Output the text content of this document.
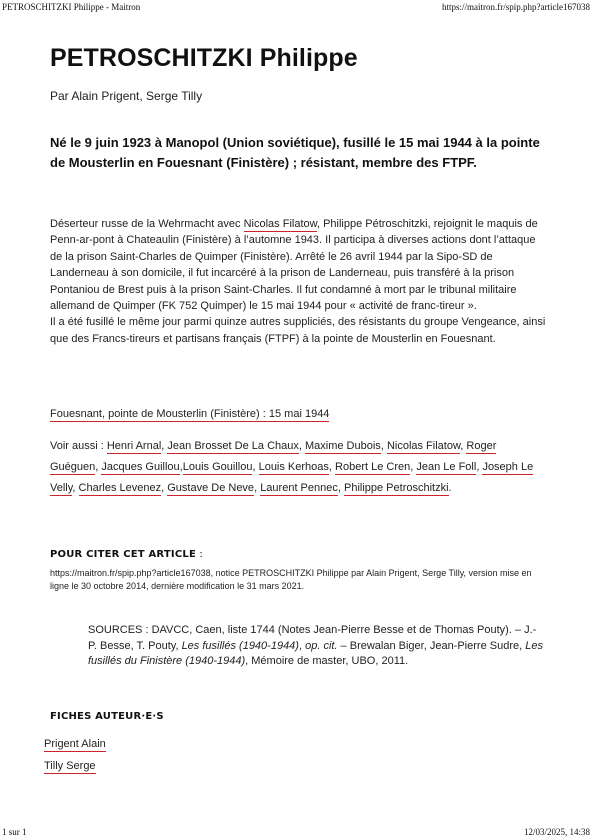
PETROSCHITZKI Philippe - Maitron	https://maitron.fr/spip.php?article167038
PETROSCHITZKI Philippe
Par Alain Prigent, Serge Tilly

Né le 9 juin 1923 à Manopol (Union soviétique), fusillé le 15 mai 1944 à la pointe de Mousterlin en Fouesnant (Finistère) ; résistant, membre des FTPF.

Déserteur russe de la Wehrmacht avec Nicolas Filatow, Philippe Pétroschitzki, rejoignit le maquis de Penn-ar-pont à Chateaulin (Finistère) à l’automne 1943. Il participa à diverses actions dont l’attaque de la prison Saint-Charles de Quimper (Finistère). Arrêté le 26 avril 1944 par la Sipo-SD de Landerneau à son domicile, il fut incarcéré à la prison de Landerneau, puis transféré à la prison Pontaniou de Brest puis à la prison Saint-Charles. Il fut condamné à mort par le tribunal militaire allemand de Quimper (FK 752 Quimper) le 15 mai 1944 pour « activité de franc-tireur ».

Il a été fusillé le même jour parmi quinze autres suppliciés, des résistants du groupe Vengeance, ainsi que des Francs-tireurs et partisans français (FTPF) à la pointe de Mousterlin en Fouesnant.

Fouesnant, pointe de Mousterlin (Finistère) : 15 mai 1944
Voir aussi : Henri Arnal, Jean Brosset De La Chaux, Maxime Dubois, Nicolas Filatow, Roger Guéguen, Jacques Guillou,Louis Gouillou, Louis Kerhoas, Robert Le Cren, Jean Le Foll, Joseph Le Velly, Charles Levenez, Gustave De Neve, Laurent Pennec, Philippe Petroschitzki.
POUR CITER CET ARTICLE :
https://maitron.fr/spip.php?article167038, notice PETROSCHITZKI Philippe par Alain Prigent, Serge Tilly, version mise en ligne le 30 octobre 2014, dernière modification le 31 mars 2021.
SOURCES : DAVCC, Caen, liste 1744 (Notes Jean-Pierre Besse et de Thomas Pouty). – J.-P. Besse, T. Pouty, Les fusillés (1940-1944), op. cit. – Brewalan Biger, Jean-Pierre Sudre, Les fusillés du Finistère (1940-1944), Mémoire de master, UBO, 2011.
FICHES AUTEUR·E·S
Prigent Alain
Tilly Serge
1 sur 1	12/03/2025, 14:38
